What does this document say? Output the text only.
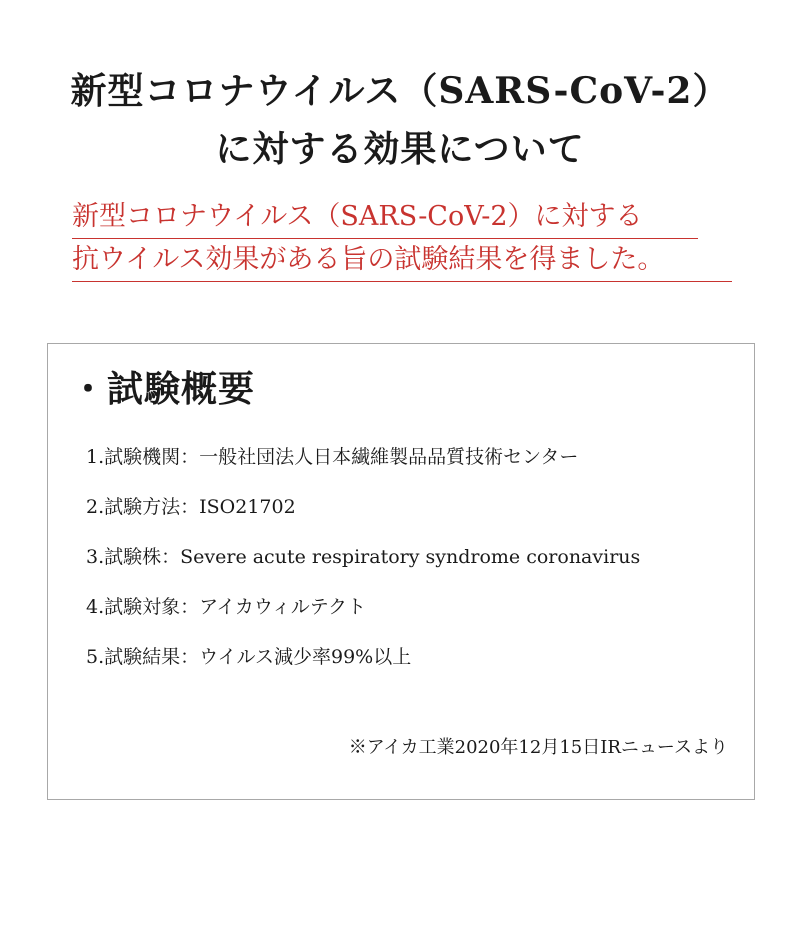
新型コロナウイルス（SARS-CoV-2）
に対する効果について
新型コロナウイルス（SARS-CoV-2）に対する
抗ウイルス効果がある旨の試験結果を得ました。
・試験概要
1.試験機関：一般社団法人日本繊維製品品質技術センター
2.試験方法：ISO21702
3.試験株：Severe acute respiratory syndrome coronavirus
4.試験対象：アイカウィルテクト
5.試験結果：ウイルス減少率99%以上
※アイカ工業2020年12月15日IRニュースより
